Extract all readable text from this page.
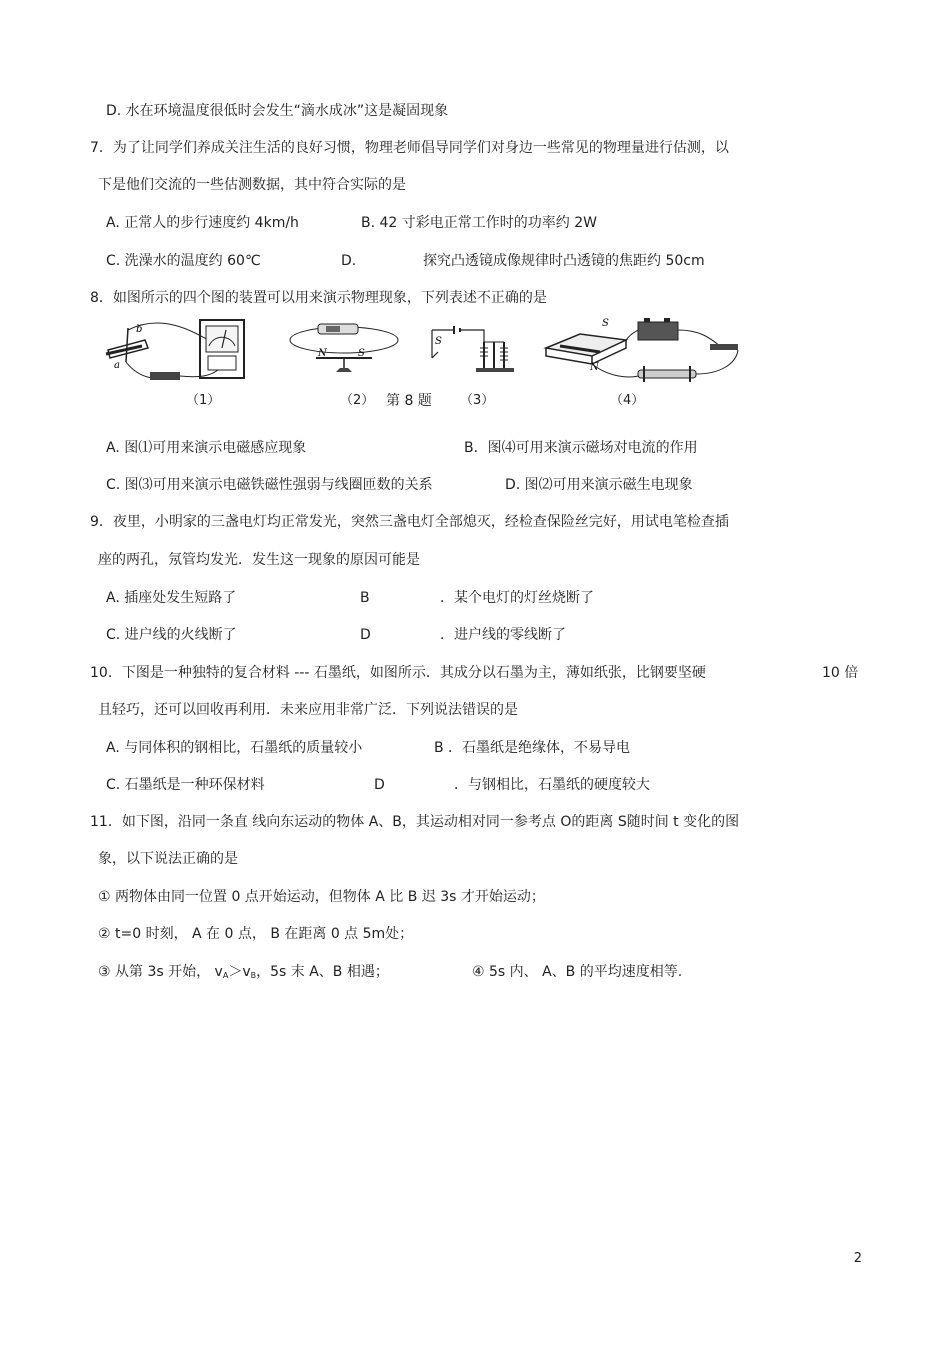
D. 水在环境温度很低时会发生“滴水成冰”这是凝固现象
7．为了让同学们养成关注生活的良好习惯，物理老师倡导同学们对身边一些常见的物理量进行估测，以
下是他们交流的一些估测数据，其中符合实际的是
A. 正常人的步行速度约 4km/h	B. 42 寸彩电正常工作时的功率约 2W
C. 洗澡水的温度约 60℃	D.	探究凸透镜成像规律时凸透镜的焦距约 50cm
8．如图所示的四个图的装置可以用来演示物理现象，下列表述不正确的是
b
a
N	S
S
S
N
（1）	（2） 第 8 题 （3）	（4）
A. 图⑴可用来演示电磁感应现象	B．图⑷可用来演示磁场对电流的作用
C. 图⑶可用来演示电磁铁磁性强弱与线圈匝数的关系	D. 图⑵可用来演示磁生电现象
9．夜里，小明家的三盏电灯均正常发光，突然三盏电灯全部熄灭，经检查保险丝完好，用试电笔检查插
座的两孔，氖管均发光．发生这一现象的原因可能是
A. 插座处发生短路了	B	．某个电灯的灯丝烧断了
C. 进户线的火线断了	D	．进户线的零线断了
10．下图是一种独特的复合材料 --- 石墨纸，如图所示．其成分以石墨为主，薄如纸张，比钢要坚硬	10 倍
且轻巧，还可以回收再利用．未来应用非常广泛．下列说法错误的是
A. 与同体积的钢相比，石墨纸的质量较小	B ．石墨纸是绝缘体，不易导电
C. 石墨纸是一种环保材料	D	．与钢相比，石墨纸的硬度较大
11．如下图，沿同一条直 线向东运动的物体 A、B，其运动相对同一参考点 O的距离 S随时间 t 变化的图
象，以下说法正确的是
① 两物体由同一位置 0 点开始运动，但物体 A 比 B 迟 3s 才开始运动；
② t=0 时刻， A 在 0 点， B 在距离 0 点 5m处；
③ 从第 3s 开始， $v_A>v_B$，5s 末 A、B 相遇；	④ 5s 内、 A、B 的平均速度相等.
2
